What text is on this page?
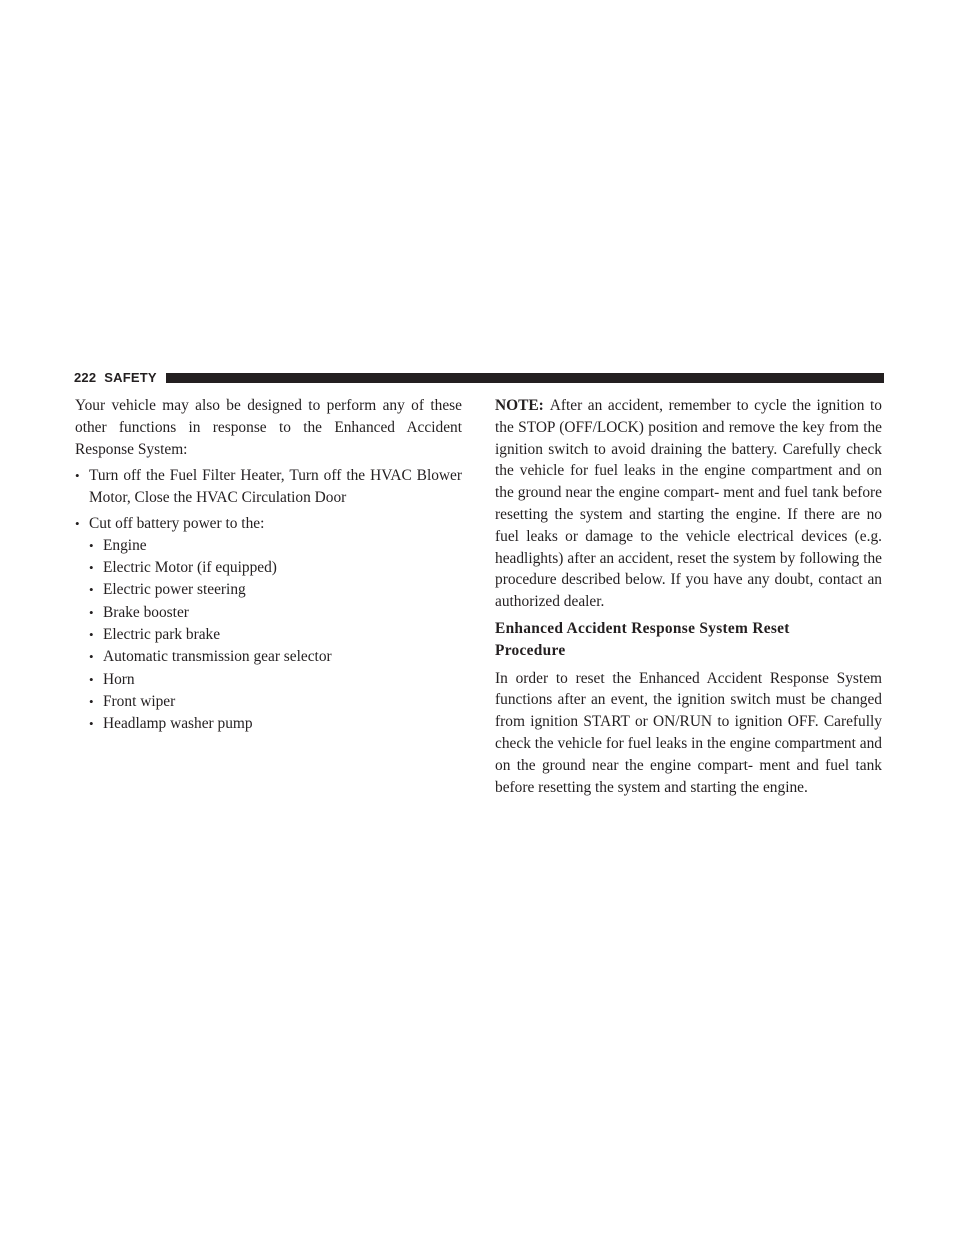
222 SAFETY

Your vehicle may also be designed to perform any of these other functions in response to the Enhanced Accident Response System:

• Turn off the Fuel Filter Heater, Turn off the HVAC Blower Motor, Close the HVAC Circulation Door
• Cut off battery power to the:
• Engine
• Electric Motor (if equipped)
• Electric power steering
• Brake booster
• Electric park brake
• Automatic transmission gear selector
• Horn
• Front wiper
• Headlamp washer pump

NOTE: After an accident, remember to cycle the ignition to the STOP (OFF/LOCK) position and remove the key from the ignition switch to avoid draining the battery. Carefully check the vehicle for fuel leaks in the engine compartment and on the ground near the engine compart- ment and fuel tank before resetting the system and starting the engine. If there are no fuel leaks or damage to the vehicle electrical devices (e.g. headlights) after an accident, reset the system by following the procedure described below. If you have any doubt, contact an authorized dealer.

Enhanced Accident Response System Reset
Procedure

In order to reset the Enhanced Accident Response System functions after an event, the ignition switch must be changed from ignition START or ON/RUN to ignition OFF. Carefully check the vehicle for fuel leaks in the engine compartment and on the ground near the engine compart- ment and fuel tank before resetting the system and starting the engine.
